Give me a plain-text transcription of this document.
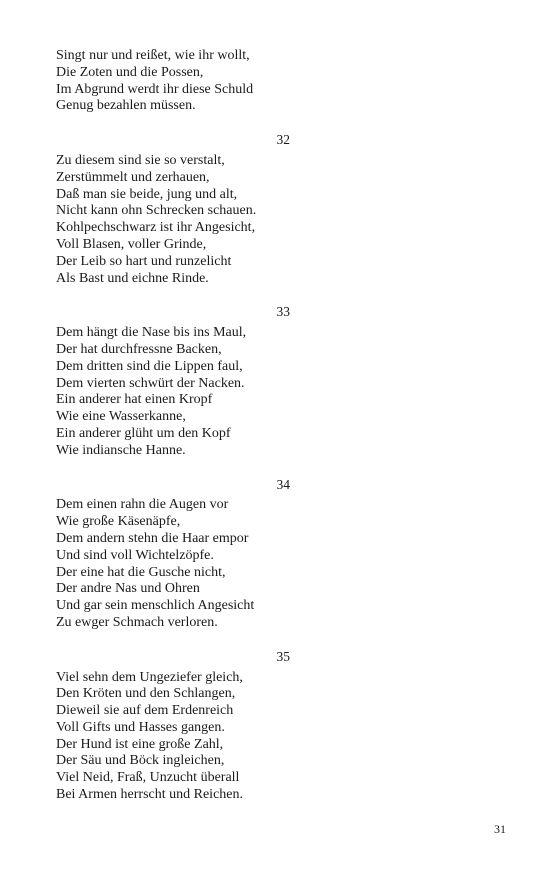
Singt nur und reißet, wie ihr wollt,
Die Zoten und die Possen,
Im Abgrund werdt ihr diese Schuld
Genug bezahlen müssen.
32
Zu diesem sind sie so verstalt,
Zerstümmelt und zerhauen,
Daß man sie beide, jung und alt,
Nicht kann ohn Schrecken schauen.
Kohlpechschwarz ist ihr Angesicht,
Voll Blasen, voller Grinde,
Der Leib so hart und runzelicht
Als Bast und eichne Rinde.
33
Dem hängt die Nase bis ins Maul,
Der hat durchfressne Backen,
Dem dritten sind die Lippen faul,
Dem vierten schwürt der Nacken.
Ein anderer hat einen Kropf
Wie eine Wasserkanne,
Ein anderer glüht um den Kopf
Wie indiansche Hanne.
34
Dem einen rahn die Augen vor
Wie große Käsenäpfe,
Dem andern stehn die Haar empor
Und sind voll Wichtelzöpfe.
Der eine hat die Gusche nicht,
Der andre Nas und Ohren
Und gar sein menschlich Angesicht
Zu ewger Schmach verloren.
35
Viel sehn dem Ungeziefer gleich,
Den Kröten und den Schlangen,
Dieweil sie auf dem Erdenreich
Voll Gifts und Hasses gangen.
Der Hund ist eine große Zahl,
Der Säu und Böck ingleichen,
Viel Neid, Fraß, Unzucht überall
Bei Armen herrscht und Reichen.
31
